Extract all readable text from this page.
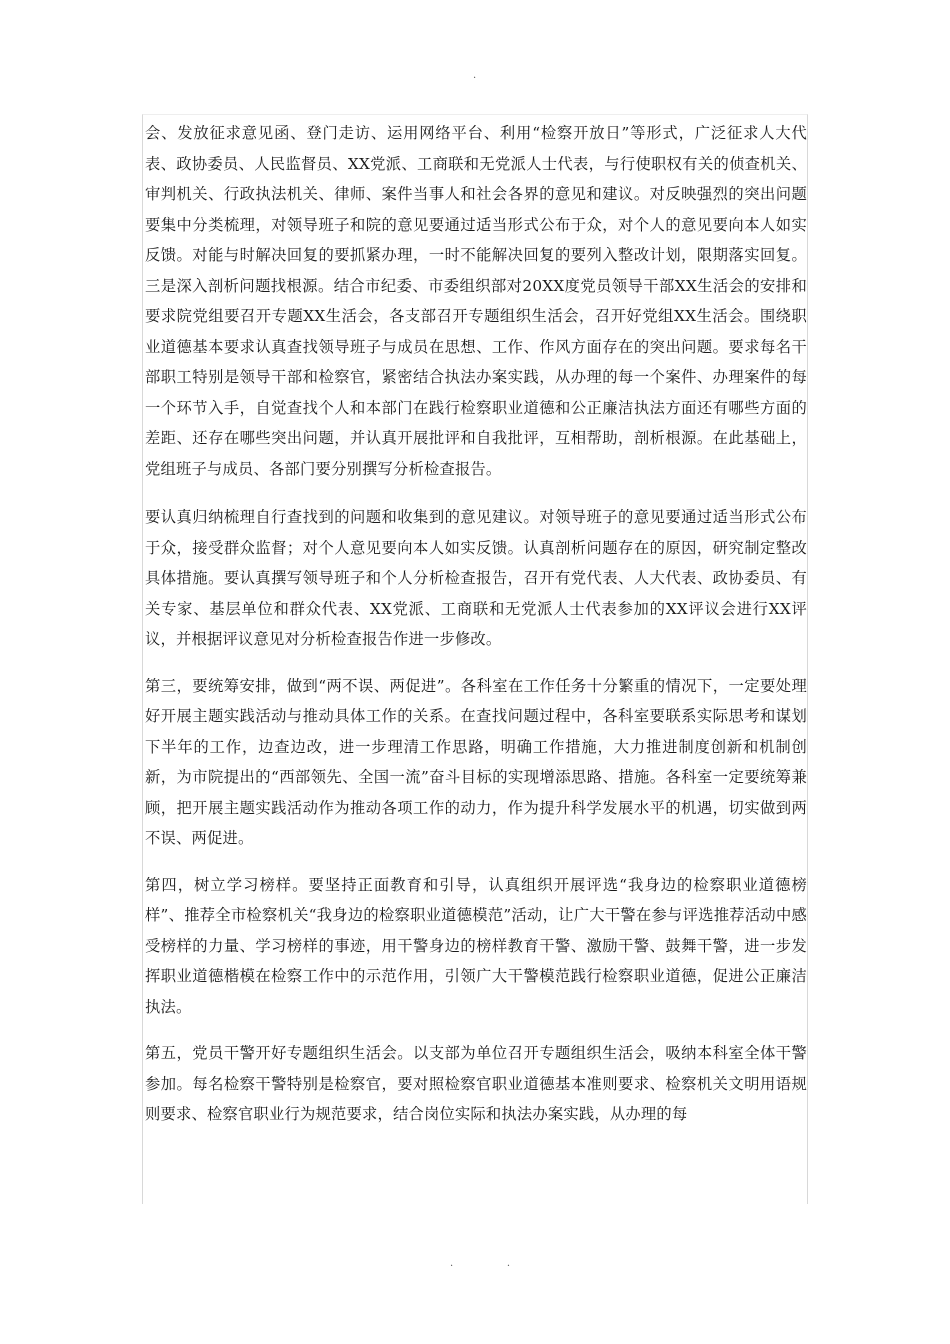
.

会、发放征求意见函、登门走访、运用网络平台、利用“检察开放日”等形式，广泛征求人大代表、政协委员、人民监督员、XX党派、工商联和无党派人士代表，与行使职权有关的侦查机关、审判机关、行政执法机关、律师、案件当事人和社会各界的意见和建议。对反映强烈的突出问题要集中分类梳理，对领导班子和院的意见要通过适当形式公布于众，对个人的意见要向本人如实反馈。对能与时解决回复的要抓紧办理，一时不能解决回复的要列入整改计划，限期落实回复。三是深入剖析问题找根源。结合市纪委、市委组织部对20XX度党员领导干部XX生活会的安排和要求院党组要召开专题XX生活会，各支部召开专题组织生活会，召开好党组XX生活会。围绕职业道德基本要求认真查找领导班子与成员在思想、工作、作风方面存在的突出问题。要求每名干部职工特别是领导干部和检察官，紧密结合执法办案实践，从办理的每一个案件、办理案件的每一个环节入手，自觉查找个人和本部门在践行检察职业道德和公正廉洁执法方面还有哪些方面的差距、还存在哪些突出问题，并认真开展批评和自我批评，互相帮助，剖析根源。在此基础上，党组班子与成员、各部门要分别撰写分析检查报告。

要认真归纳梳理自行查找到的问题和收集到的意见建议。对领导班子的意见要通过适当形式公布于众，接受群众监督；对个人意见要向本人如实反馈。认真剖析问题存在的原因，研究制定整改具体措施。要认真撰写领导班子和个人分析检查报告，召开有党代表、人大代表、政协委员、有关专家、基层单位和群众代表、XX党派、工商联和无党派人士代表参加的XX评议会进行XX评议，并根据评议意见对分析检查报告作进一步修改。

第三，要统筹安排，做到“两不误、两促进”。各科室在工作任务十分繁重的情况下，一定要处理好开展主题实践活动与推动具体工作的关系。在查找问题过程中，各科室要联系实际思考和谋划下半年的工作，边查边改，进一步理清工作思路，明确工作措施，大力推进制度创新和机制创新，为市院提出的“西部领先、全国一流”奋斗目标的实现增添思路、措施。各科室一定要统筹兼顾，把开展主题实践活动作为推动各项工作的动力，作为提升科学发展水平的机遇，切实做到两不误、两促进。

第四，树立学习榜样。要坚持正面教育和引导，认真组织开展评选“我身边的检察职业道德榜样”、推荐全市检察机关“我身边的检察职业道德模范”活动，让广大干警在参与评选推荐活动中感受榜样的力量、学习榜样的事迹，用干警身边的榜样教育干警、激励干警、鼓舞干警，进一步发挥职业道德楷模在检察工作中的示范作用，引领广大干警模范践行检察职业道德，促进公正廉洁执法。

第五，党员干警开好专题组织生活会。以支部为单位召开专题组织生活会，吸纳本科室全体干警参加。每名检察干警特别是检察官，要对照检察官职业道德基本准则要求、检察机关文明用语规则要求、检察官职业行为规范要求，结合岗位实际和执法办案实践，从办理的每

.	.
